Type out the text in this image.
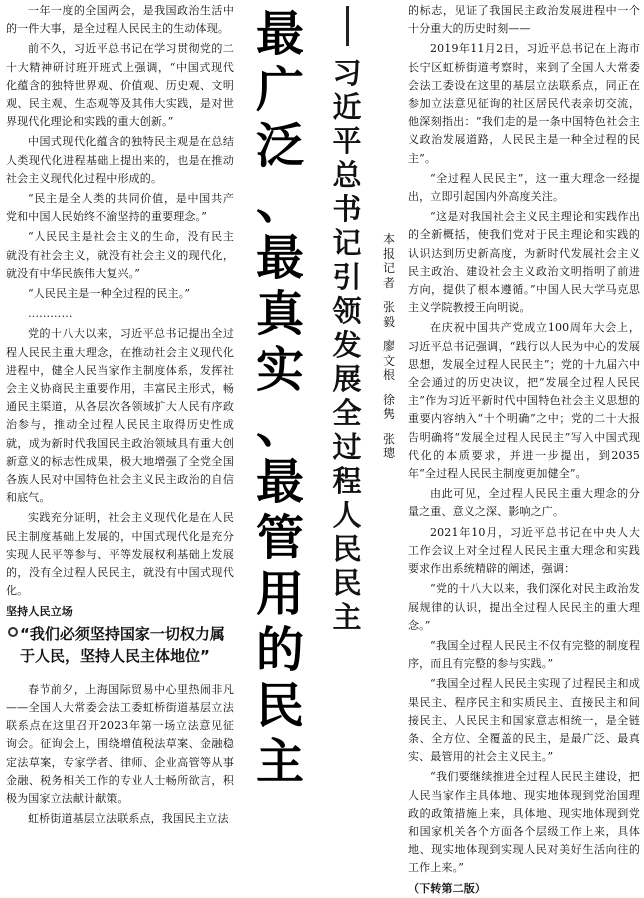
一年一度的全国两会，是我国政治生活中的一件大事，是全过程人民民主的生动体现。

前不久，习近平总书记在学习贯彻党的二十大精神研讨班开班式上强调，“中国式现代化蕴含的独特世界观、价值观、历史观、文明观、民主观、生态观等及其伟大实践，是对世界现代化理论和实践的重大创新。”

中国式现代化蕴含的独特民主观是在总结人类现代化进程基础上提出来的，也是在推动社会主义现代化过程中形成的。

“民主是全人类的共同价值，是中国共产党和中国人民始终不渝坚持的重要理念。”

“人民民主是社会主义的生命，没有民主就没有社会主义，就没有社会主义的现代化，就没有中华民族伟大复兴。”

“人民民主是一种全过程的民主。”

…………

党的十八大以来，习近平总书记提出全过程人民民主重大理念，在推动社会主义现代化进程中，健全人民当家作主制度体系，发挥社会主义协商民主重要作用，丰富民主形式，畅通民主渠道，从各层次各领域扩大人民有序政治参与，推动全过程人民民主取得历史性成就，成为新时代我国民主政治领域具有重大创新意义的标志性成果，极大地增强了全党全国各族人民对中国特色社会主义民主政治的自信和底气。

实践充分证明，社会主义现代化是在人民民主制度基础上发展的，中国式现代化是充分实现人民平等参与、平等发展权利基础上发展的，没有全过程人民民主，就没有中国式现代化。

坚持人民立场

“我们必须坚持国家一切权力属于人民，坚持人民主体地位”

春节前夕，上海国际贸易中心里热闹非凡——全国人大常委会法工委虹桥街道基层立法联系点在这里召开2023年第一场立法意见征询会。征询会上，围绕增值税法草案、金融稳定法草案，专家学者、律师、企业高管等从事金融、税务相关工作的专业人士畅所欲言，积极为国家立法献计献策。

虹桥街道基层立法联系点，我国民主立法

最
广
泛
、
最
真
实
、
最
管
用
的
民
主
习
近
平
总
书
记
引
领
发
展
全
过
程
人
民
民
主
本
报
记
者
张
毅
廖
文
根
徐
隽
张
璁

的标志，见证了我国民主政治发展进程中一个十分重大的历史时刻——

2019年11月2日，习近平总书记在上海市长宁区虹桥街道考察时，来到了全国人大常委会法工委设在这里的基层立法联系点，同正在参加立法意见征询的社区居民代表亲切交流，他深刻指出：“我们走的是一条中国特色社会主义政治发展道路，人民民主是一种全过程的民主”。

“全过程人民民主”，这一重大理念一经提出，立即引起国内外高度关注。

“这是对我国社会主义民主理论和实践作出的全新概括，使我们党对于民主理论和实践的认识达到历史新高度，为新时代发展社会主义民主政治、建设社会主义政治文明指明了前进方向，提供了根本遵循。”中国人民大学马克思主义学院教授王向明说。

在庆祝中国共产党成立100周年大会上，习近平总书记强调，“践行以人民为中心的发展思想，发展全过程人民民主”；党的十九届六中全会通过的历史决议，把“发展全过程人民民主”作为习近平新时代中国特色社会主义思想的重要内容纳入“十个明确”之中；党的二十大报告明确将“发展全过程人民民主”写入中国式现代化的本质要求，并进一步提出，到2035年“全过程人民民主制度更加健全”。

由此可见，全过程人民民主重大理念的分量之重、意义之深、影响之广。

2021年10月，习近平总书记在中央人大工作会议上对全过程人民民主重大理念和实践要求作出系统精辟的阐述，强调：

“党的十八大以来，我们深化对民主政治发展规律的认识，提出全过程人民民主的重大理念。”

“我国全过程人民民主不仅有完整的制度程序，而且有完整的参与实践。”

“我国全过程人民民主实现了过程民主和成果民主、程序民主和实质民主、直接民主和间接民主、人民民主和国家意志相统一，是全链条、全方位、全覆盖的民主，是最广泛、最真实、最管用的社会主义民主。”

“我们要继续推进全过程人民民主建设，把人民当家作主具体地、现实地体现到党治国理政的政策措施上来，具体地、现实地体现到党和国家机关各个方面各个层级工作上来，具体地、现实地体现到实现人民对美好生活向往的工作上来。”

（下转第二版）
